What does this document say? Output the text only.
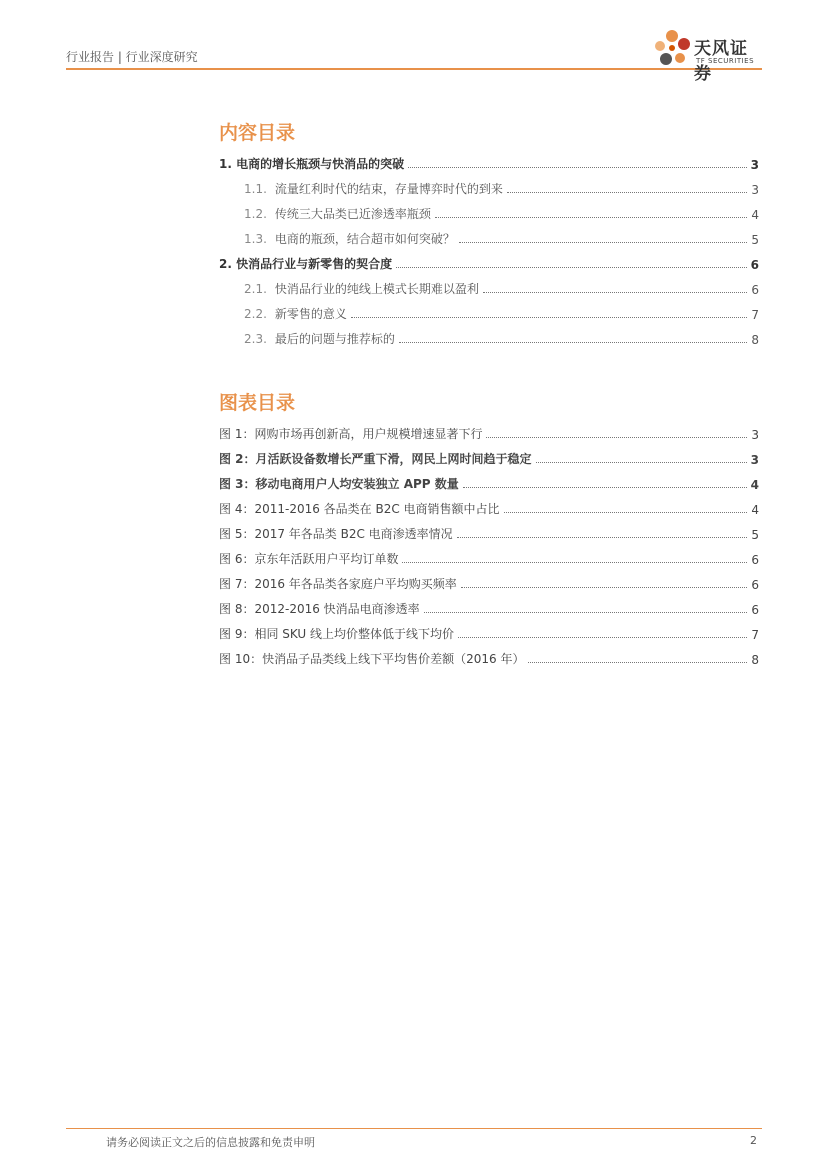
行业报告 | 行业深度研究	天风证券
TF SECURITIES
内容目录
1. 电商的增长瓶颈与快消品的突破	3
1.1. 流量红利时代的结束，存量博弈时代的到来	3
1.2. 传统三大品类已近渗透率瓶颈	4
1.3. 电商的瓶颈，结合超市如何突破？	5
2. 快消品行业与新零售的契合度	6
2.1. 快消品行业的纯线上模式长期难以盈利	6
2.2. 新零售的意义	7
2.3. 最后的问题与推荐标的	8
图表目录
图 1：网购市场再创新高，用户规模增速显著下行	3
图 2：月活跃设备数增长严重下滑，网民上网时间趋于稳定	3
图 3：移动电商用户人均安装独立 APP 数量	4
图 4：2011-2016 各品类在 B2C 电商销售额中占比	4
图 5：2017 年各品类 B2C 电商渗透率情况	5
图 6：京东年活跃用户平均订单数	6
图 7：2016 年各品类各家庭户平均购买频率	6
图 8：2012-2016 快消品电商渗透率	6
图 9：相同 SKU 线上均价整体低于线下均价	7
图 10：快消品子品类线上线下平均售价差额（2016 年）	8
请务必阅读正文之后的信息披露和免责申明	2
